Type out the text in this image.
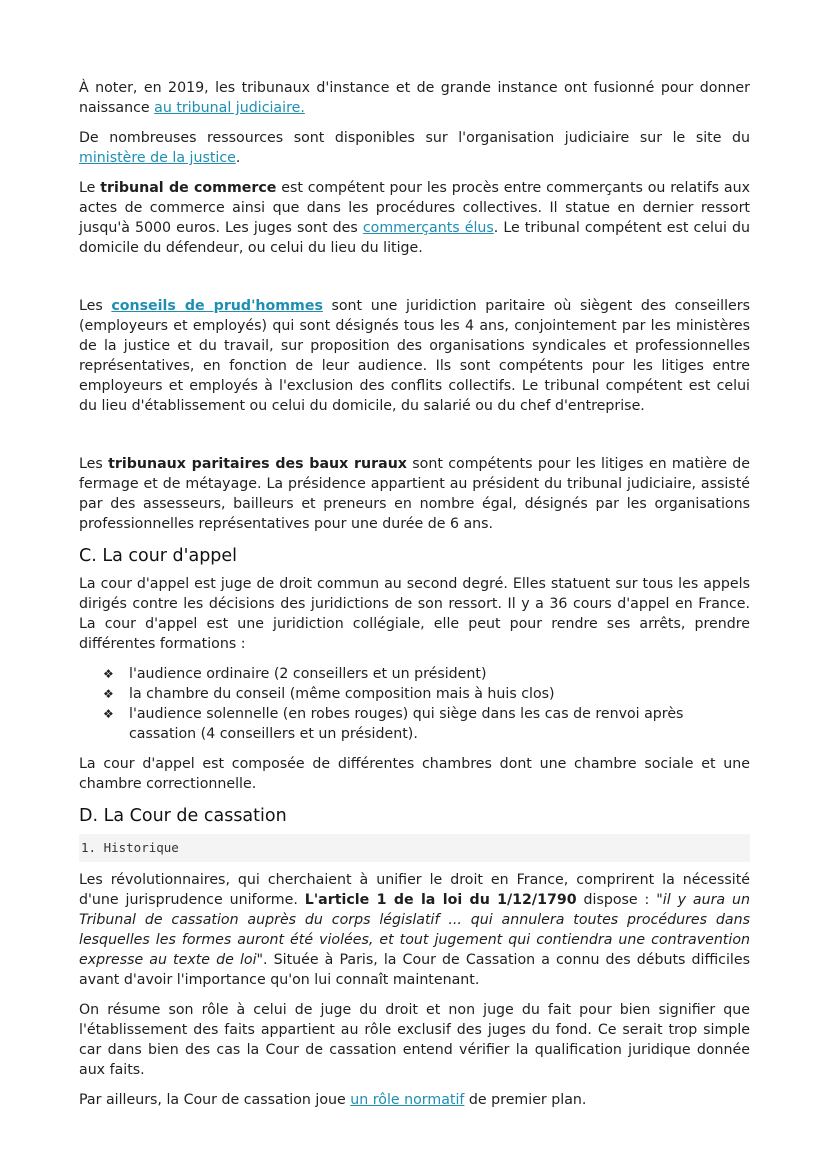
À noter, en 2019, les tribunaux d'instance et de grande instance ont fusionné pour donner naissance au tribunal judiciaire.

De nombreuses ressources sont disponibles sur l'organisation judiciaire sur le site du ministère de la justice.

Le tribunal de commerce est compétent pour les procès entre commerçants ou relatifs aux actes de commerce ainsi que dans les procédures collectives. Il statue en dernier ressort jusqu'à 5000 euros. Les juges sont des commerçants élus. Le tribunal compétent est celui du domicile du défendeur, ou celui du lieu du litige.

Les conseils de prud'hommes sont une juridiction paritaire où siègent des conseillers (employeurs et employés) qui sont désignés tous les 4 ans, conjointement par les ministères de la justice et du travail, sur proposition des organisations syndicales et professionnelles représentatives, en fonction de leur audience. Ils sont compétents pour les litiges entre employeurs et employés à l'exclusion des conflits collectifs. Le tribunal compétent est celui du lieu d'établissement ou celui du domicile, du salarié ou du chef d'entreprise.

Les tribunaux paritaires des baux ruraux sont compétents pour les litiges en matière de fermage et de métayage. La présidence appartient au président du tribunal judiciaire, assisté par des assesseurs, bailleurs et preneurs en nombre égal, désignés par les organisations professionnelles représentatives pour une durée de 6 ans.

C. La cour d'appel

La cour d'appel est juge de droit commun au second degré. Elles statuent sur tous les appels dirigés contre les décisions des juridictions de son ressort. Il y a 36 cours d'appel en France. La cour d'appel est une juridiction collégiale, elle peut pour rendre ses arrêts, prendre différentes formations :

❖ l'audience ordinaire (2 conseillers et un président)
❖ la chambre du conseil (même composition mais à huis clos)
❖ l'audience solennelle (en robes rouges) qui siège dans les cas de renvoi après cassation (4 conseillers et un président).

La cour d'appel est composée de différentes chambres dont une chambre sociale et une chambre correctionnelle.

D. La Cour de cassation
1. Historique

Les révolutionnaires, qui cherchaient à unifier le droit en France, comprirent la nécessité d'une jurisprudence uniforme. L'article 1 de la loi du 1/12/1790 dispose : "il y aura un Tribunal de cassation auprès du corps législatif ... qui annulera toutes procédures dans lesquelles les formes auront été violées, et tout jugement qui contiendra une contravention expresse au texte de loi". Située à Paris, la Cour de Cassation a connu des débuts difficiles avant d'avoir l'importance qu'on lui connaît maintenant.

On résume son rôle à celui de juge du droit et non juge du fait pour bien signifier que l'établissement des faits appartient au rôle exclusif des juges du fond. Ce serait trop simple car dans bien des cas la Cour de cassation entend vérifier la qualification juridique donnée aux faits.

Par ailleurs, la Cour de cassation joue un rôle normatif de premier plan.
